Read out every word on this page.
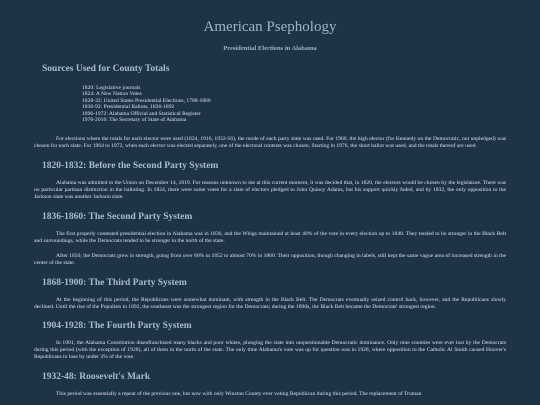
American Psephology
Presidential Elections in Alabama
Sources Used for County Totals
1820: Legislative journals
1824: A New Nation Votes
1828-32: United States Presidential Elections, 1788-1860
1836-92: Presidential Ballots, 1836-1892
1896-1972: Alabama Official and Statistical Register
1976-2016: The Secretary of State of Alabama

For elections where the totals for each elector were used (1824, 1916, 1932-56), the mode of each party slate was used. For 1960, the high elector (for Kennedy on the Democratic, not unpledged) was chosen for each slate. For 1964 to 1972, when each elector was elected separately, one of the electoral contests was chosen. Starting in 1976, the short ballot was used, and the totals thereof are used.

1820-1832: Before the Second Party System

Alabama was admitted to the Union on December 14, 1819. For reasons unknown to me at this current moment, it was decided that, in 1820, the electors would be chosen by the legislature. There was no particular partisan distinction in the balloting. In 1824, there were some votes for a slate of electors pledged to John Quincy Adams, but his support quickly faded, and by 1832, the only opposition to the Jackson slate was another Jackson slate.

1836-1860: The Second Party System

The first properly contested presidential election in Alabama was in 1836, and the Whigs maintained at least 40% of the vote in every election up to 1848. They tended to be stronger in the Black Belt and surroundings, while the Democrats tended to be stronger in the north of the state.

After 1850, the Democrats grew in strength, going from over 60% in 1852 to almost 70% in 1860. Their opposition, though changing in labels, still kept the same vague area of increased strength in the center of the state.

1868-1900: The Third Party System

At the beginning of this period, the Republicans were somewhat dominant, with strength in the Black Belt. The Democrats eventually seized control back, however, and the Republicans slowly declined. Until the rise of the Populists in 1892, the southeast was the strongest region for the Democrats; during the 1890s, the Black Belt became the Democrats' strongest region.

1904-1928: The Fourth Party System

In 1901, the Alabama Constitution disenfranchised many blacks and poor whites, plunging the state into unquestionable Democratic dominance. Only nine counties were ever lost by the Democrats during this period (with the exception of 1928), all of them in the north of the state. The only time Alabama's vote was up for question was in 1928, where opposition to the Catholic Al Smith caused Hoover's Republicans to lose by under 3% of the vote.

1932-48: Roosevelt's Mark

This period was essentially a repeat of the previous one, but now with only Winston County ever voting Republican during this period. The replacement of Truman
